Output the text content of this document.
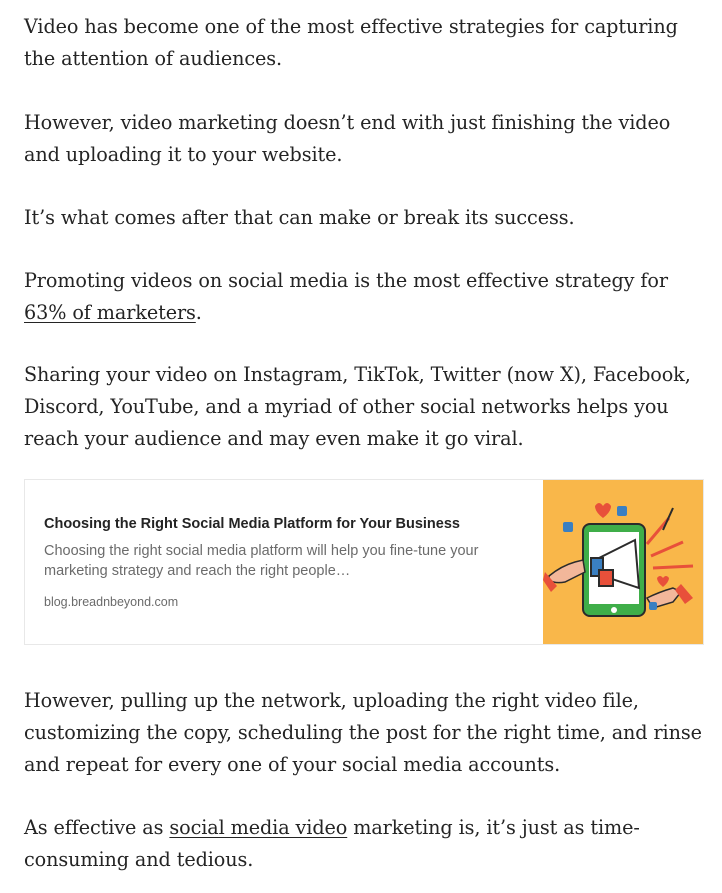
Video has become one of the most effective strategies for capturing the attention of audiences.

However, video marketing doesn’t end with just finishing the video and uploading it to your website.

It’s what comes after that can make or break its success.

Promoting videos on social media is the most effective strategy for 63% of marketers.

Sharing your video on Instagram, TikTok, Twitter (now X), Facebook, Discord, YouTube, and a myriad of other social networks helps you reach your audience and may even make it go viral.

Choosing the Right Social Media Platform for Your Business
Choosing the right social media platform will help you fine-tune your marketing strategy and reach the right people…
blog.breadnbeyond.com

However, pulling up the network, uploading the right video file, customizing the copy, scheduling the post for the right time, and rinse and repeat for every one of your social media accounts.

As effective as social media video marketing is, it’s just as time-consuming and tedious.
